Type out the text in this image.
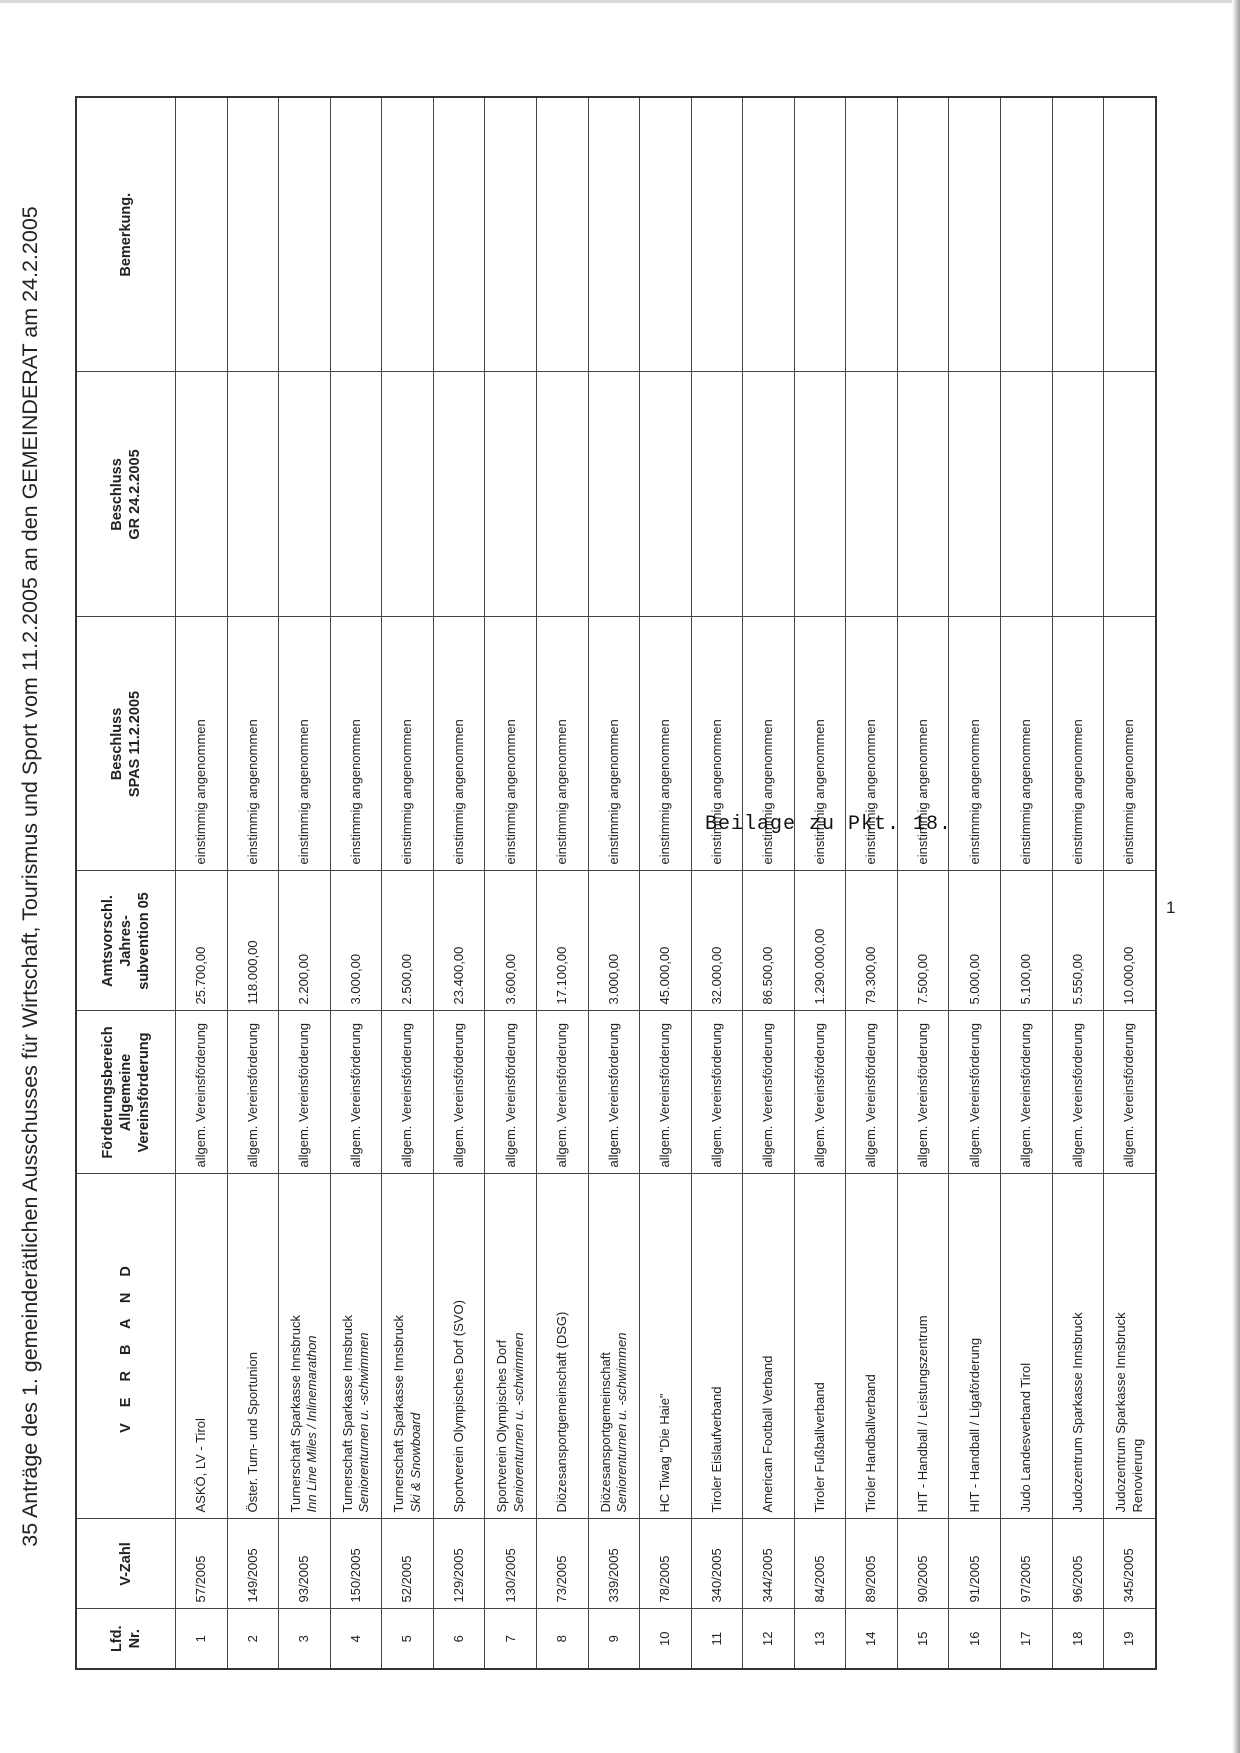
35 Anträge des 1. gemeinderätlichen Ausschusses für Wirtschaft, Tourismus und Sport vom 11.2.2005 an den GEMEINDERAT am 24.2.2005
Lfd.
Nr.	V-Zahl	V E R B A N D	Förderungsbereich
Allgemeine
Vereinsförderung	Amtsvorschl.
Jahres-
subvention 05	Beschluss
SPAS 11.2.2005	Beschluss
GR 24.2.2005	Bemerkung.
1	57/2005	ASKÖ, LV - Tirol	allgem. Vereinsförderung	25.700,00	einstimmig angenommen		
2	149/2005	Öster. Turn- und Sportunion	allgem. Vereinsförderung	118.000,00	einstimmig angenommen		
3	93/2005	Turnerschaft Sparkasse Innsbruck Inn Line Miles / Inlinemarathon	allgem. Vereinsförderung	2.200,00	einstimmig angenommen		
4	150/2005	Turnerschaft Sparkasse Innsbruck Seniorenturnen u. -schwimmen	allgem. Vereinsförderung	3.000,00	einstimmig angenommen		
5	52/2005	Turnerschaft Sparkasse Innsbruck Ski & Snowboard	allgem. Vereinsförderung	2.500,00	einstimmig angenommen		
6	129/2005	Sportverein Olympisches Dorf (SVO)	allgem. Vereinsförderung	23.400,00	einstimmig angenommen		
7	130/2005	Sportverein Olympisches Dorf Seniorenturnen u. -schwimmen	allgem. Vereinsförderung	3.600,00	einstimmig angenommen		
8	73/2005	Diözesansportgemeinschaft (DSG)	allgem. Vereinsförderung	17.100,00	einstimmig angenommen		
9	339/2005	Diözesansportgemeinschaft Seniorenturnen u. -schwimmen	allgem. Vereinsförderung	3.000,00	einstimmig angenommen		
10	78/2005	HC Tiwag "Die Haie"	allgem. Vereinsförderung	45.000,00	einstimmig angenommen		
11	340/2005	Tiroler Eislaufverband	allgem. Vereinsförderung	32.000,00	einstimmig angenommen		
12	344/2005	American Football Verband	allgem. Vereinsförderung	86.500,00	einstimmig angenommen		
13	84/2005	Tiroler Fußballverband	allgem. Vereinsförderung	1.290.000,00	einstimmig angenommen		
14	89/2005	Tiroler Handballverband	allgem. Vereinsförderung	79.300,00	einstimmig angenommen		
15	90/2005	HIT - Handball / Leistungszentrum	allgem. Vereinsförderung	7.500,00	einstimmig angenommen		
16	91/2005	HIT - Handball / Ligaförderung	allgem. Vereinsförderung	5.000,00	einstimmig angenommen		
17	97/2005	Judo Landesverband Tirol	allgem. Vereinsförderung	5.100,00	einstimmig angenommen		
18	96/2005	Judozentrum Sparkasse Innsbruck	allgem. Vereinsförderung	5.550,00	einstimmig angenommen		
19	345/2005	Judozentrum Sparkasse Innsbruck Renovierung	allgem. Vereinsförderung	10.000,00	einstimmig angenommen		
Beilage zu Pkt. 18.
1
